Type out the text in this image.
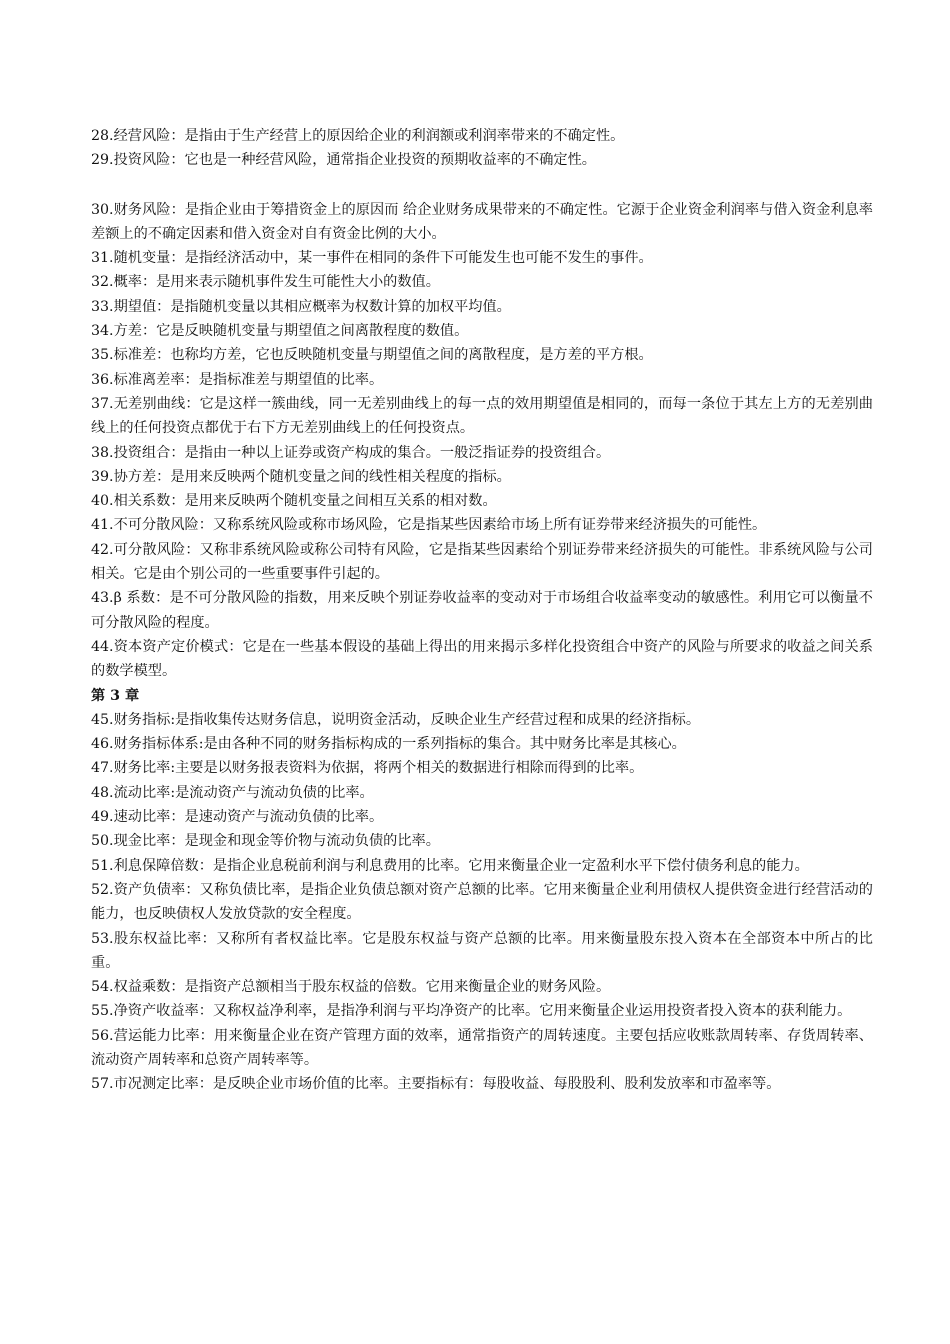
28.经营风险：是指由于生产经营上的原因给企业的利润额或利润率带来的不确定性。

29.投资风险：它也是一种经营风险，通常指企业投资的预期收益率的不确定性。

30.财务风险：是指企业由于筹措资金上的原因而 给企业财务成果带来的不确定性。它源于企业资金利润率与借入资金利息率差额上的不确定因素和借入资金对自有资金比例的大小。

31.随机变量：是指经济活动中，某一事件在相同的条件下可能发生也可能不发生的事件。

32.概率：是用来表示随机事件发生可能性大小的数值。

33.期望值：是指随机变量以其相应概率为权数计算的加权平均值。

34.方差：它是反映随机变量与期望值之间离散程度的数值。

35.标准差：也称均方差，它也反映随机变量与期望值之间的离散程度，是方差的平方根。

36.标准离差率：是指标准差与期望值的比率。

37.无差别曲线：它是这样一簇曲线，同一无差别曲线上的每一点的效用期望值是相同的，而每一条位于其左上方的无差别曲线上的任何投资点都优于右下方无差别曲线上的任何投资点。

38.投资组合：是指由一种以上证券或资产构成的集合。一般泛指证券的投资组合。

39.协方差：是用来反映两个随机变量之间的线性相关程度的指标。

40.相关系数：是用来反映两个随机变量之间相互关系的相对数。

41.不可分散风险：又称系统风险或称市场风险，它是指某些因素给市场上所有证券带来经济损失的可能性。

42.可分散风险：又称非系统风险或称公司特有风险，它是指某些因素给个别证券带来经济损失的可能性。非系统风险与公司相关。它是由个别公司的一些重要事件引起的。

43.β 系数：是不可分散风险的指数，用来反映个别证券收益率的变动对于市场组合收益率变动的敏感性。利用它可以衡量不可分散风险的程度。

44.资本资产定价模式：它是在一些基本假设的基础上得出的用来揭示多样化投资组合中资产的风险与所要求的收益之间关系的数学模型。

第 3 章

45.财务指标:是指收集传达财务信息，说明资金活动，反映企业生产经营过程和成果的经济指标。

46.财务指标体系:是由各种不同的财务指标构成的一系列指标的集合。其中财务比率是其核心。

47.财务比率:主要是以财务报表资料为依据，将两个相关的数据进行相除而得到的比率。

48.流动比率:是流动资产与流动负债的比率。

49.速动比率：是速动资产与流动负债的比率。

50.现金比率：是现金和现金等价物与流动负债的比率。

51.利息保障倍数：是指企业息税前利润与利息费用的比率。它用来衡量企业一定盈利水平下偿付债务利息的能力。

52.资产负债率：又称负债比率，是指企业负债总额对资产总额的比率。它用来衡量企业利用债权人提供资金进行经营活动的能力，也反映债权人发放贷款的安全程度。

53.股东权益比率：又称所有者权益比率。它是股东权益与资产总额的比率。用来衡量股东投入资本在全部资本中所占的比重。

54.权益乘数：是指资产总额相当于股东权益的倍数。它用来衡量企业的财务风险。

55.净资产收益率：又称权益净利率，是指净利润与平均净资产的比率。它用来衡量企业运用投资者投入资本的获利能力。

56.营运能力比率：用来衡量企业在资产管理方面的效率，通常指资产的周转速度。主要包括应收账款周转率、存货周转率、流动资产周转率和总资产周转率等。

57.市况测定比率：是反映企业市场价值的比率。主要指标有：每股收益、每股股利、股利发放率和市盈率等。
